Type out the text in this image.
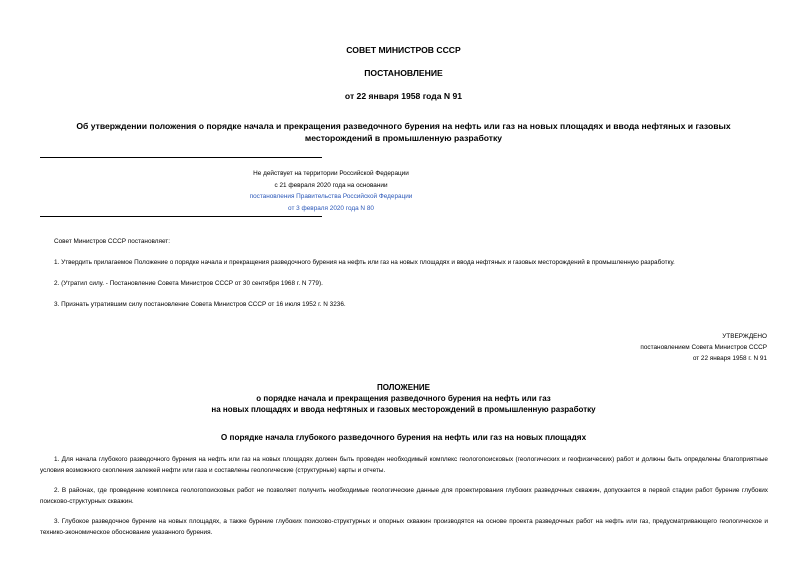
СОВЕТ МИНИСТРОВ СССР
ПОСТАНОВЛЕНИЕ
от 22 января 1958 года N 91
Об утверждении положения о порядке начала и прекращения разведочного бурения на нефть или газ на новых площадях и ввода нефтяных и газовых месторождений в промышленную разработку
Не действует на территории Российской Федерации
с 21 февраля 2020 года на основании
постановления Правительства Российской Федерации
от 3 февраля 2020 года N 80
Совет Министров СССР постановляет:
1. Утвердить прилагаемое Положение о порядке начала и прекращения разведочного бурения на нефть или газ на новых площадях и ввода нефтяных и газовых месторождений в промышленную разработку.
2. (Утратил силу. - Постановление Совета Министров СССР от 30 сентября 1968 г. N 779).
3. Признать утратившим силу постановление Совета Министров СССР от 16 июля 1952 г. N 3236.
УТВЕРЖДЕНО
постановлением Совета Министров СССР
от 22 января 1958 г. N 91
ПОЛОЖЕНИЕ
о порядке начала и прекращения разведочного бурения на нефть или газ
на новых площадях и ввода нефтяных и газовых месторождений в промышленную разработку
О порядке начала глубокого разведочного бурения на нефть или газ на новых площадях
1. Для начала глубокого разведочного бурения на нефть или газ на новых площадях должен быть проведен необходимый комплекс геологопоисковых (геологических и геофизических) работ и должны быть определены благоприятные условия возможного скопления залежей нефти или газа и составлены геологические (структурные) карты и отчеты.
2. В районах, где проведение комплекса геологопоисковых работ не позволяет получить необходимые геологические данные для проектирования глубоких разведочных скважин, допускается в первой стадии работ бурение глубоких поисково-структурных скважин.
3. Глубокое разведочное бурение на новых площадях, а также бурение глубоких поисково-структурных и опорных скважин производятся на основе проекта разведочных работ на нефть или газ, предусматривающего геологическое и технико-экономическое обоснование указанного бурения.
